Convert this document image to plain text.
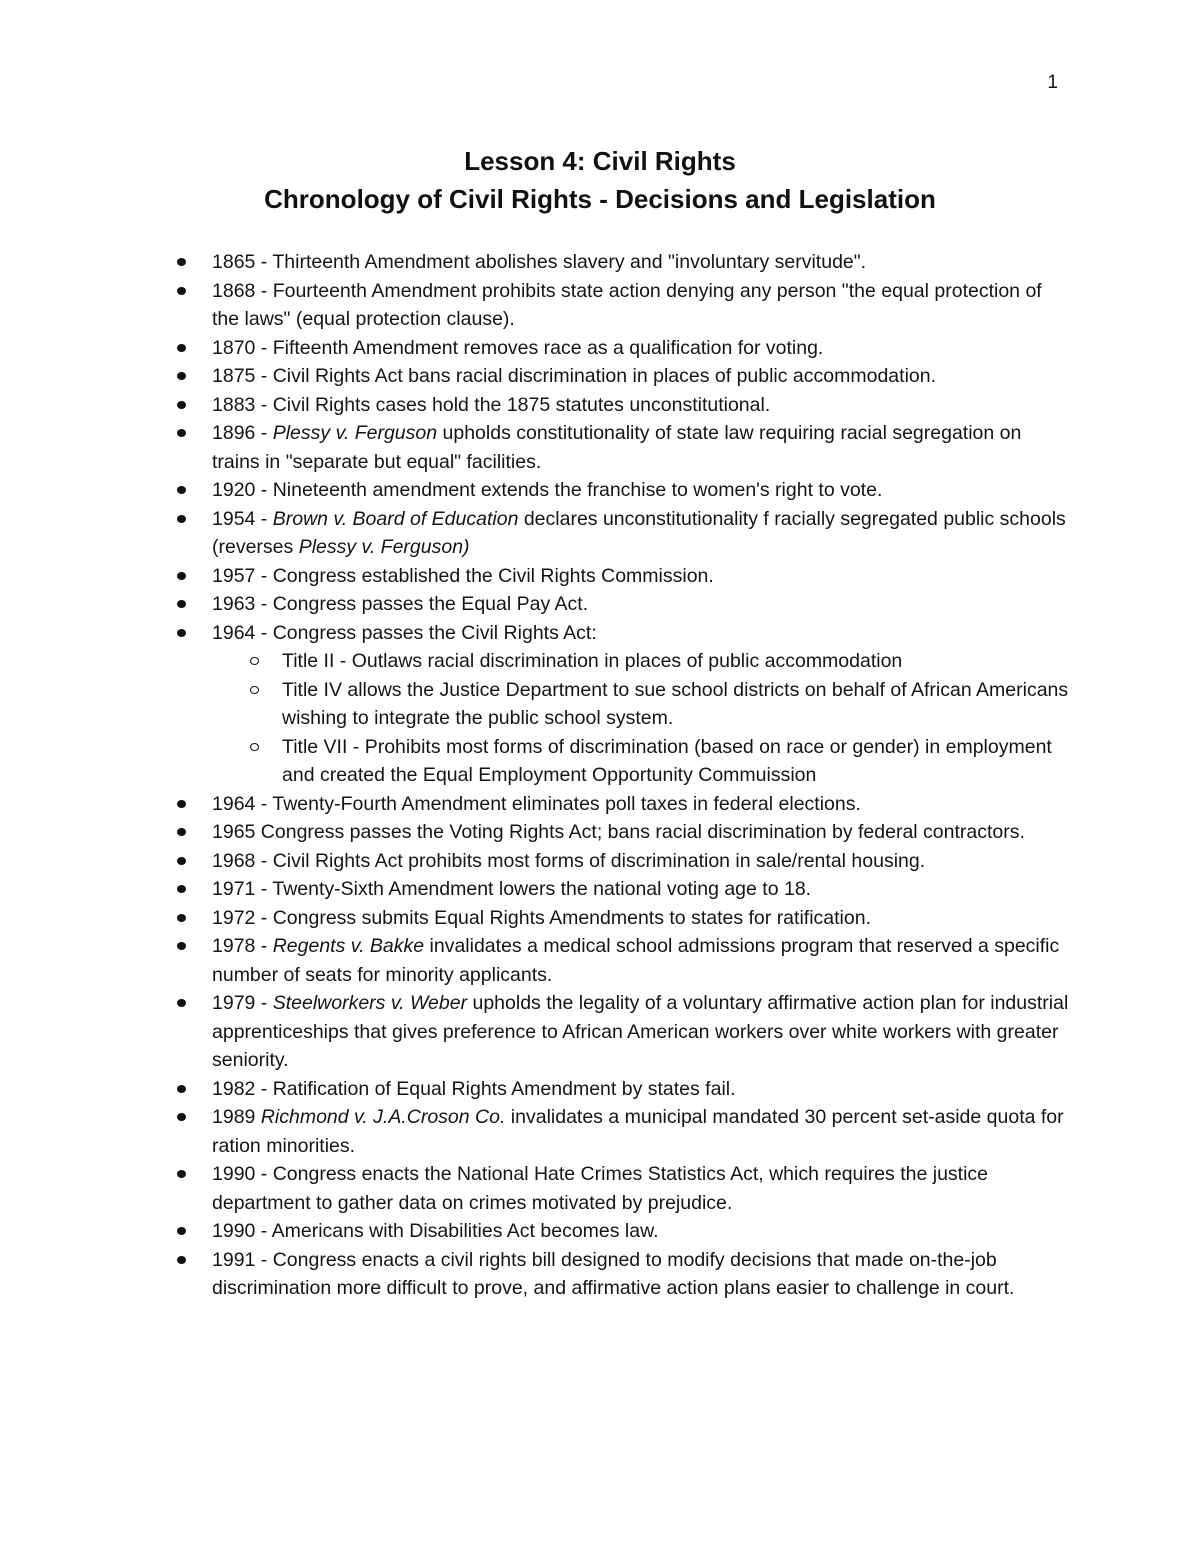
1
Lesson 4: Civil Rights
Chronology of Civil Rights - Decisions and Legislation
1865 - Thirteenth Amendment abolishes slavery and "involuntary servitude".
1868 - Fourteenth Amendment prohibits state action denying any person "the equal protection of the laws" (equal protection clause).
1870 - Fifteenth Amendment removes race as a qualification for voting.
1875 - Civil Rights Act bans racial discrimination in places of public accommodation.
1883 - Civil Rights cases hold the 1875 statutes unconstitutional.
1896 - Plessy v. Ferguson upholds constitutionality of state law requiring racial segregation on trains in "separate but equal" facilities.
1920 - Nineteenth amendment extends the franchise to women's right to vote.
1954 - Brown v. Board of Education declares unconstitutionality f racially segregated public schools (reverses Plessy v. Ferguson)
1957 - Congress established the Civil Rights Commission.
1963 - Congress passes the Equal Pay Act.
1964 - Congress passes the Civil Rights Act:
Title II - Outlaws racial discrimination in places of public accommodation
Title IV allows the Justice Department to sue school districts on behalf of African Americans wishing to integrate the public school system.
Title VII - Prohibits most forms of discrimination (based on race or gender) in employment and created the Equal Employment Opportunity Commuission
1964 - Twenty-Fourth Amendment eliminates poll taxes in federal elections.
1965 Congress passes the Voting Rights Act; bans racial discrimination by federal contractors.
1968 - Civil Rights Act prohibits most forms of discrimination in sale/rental housing.
1971 - Twenty-Sixth Amendment lowers the national voting age to 18.
1972 - Congress submits Equal Rights Amendments to states for ratification.
1978 - Regents v. Bakke invalidates a medical school admissions program that reserved a specific number of seats for minority applicants.
1979 - Steelworkers v. Weber upholds the legality of a voluntary affirmative action plan for industrial apprenticeships that gives preference to African American workers over white workers with greater seniority.
1982 - Ratification of Equal Rights Amendment by states fail.
1989 Richmond v. J.A.Croson Co. invalidates a municipal mandated 30 percent set-aside quota for ration minorities.
1990 - Congress enacts the National Hate Crimes Statistics Act, which requires the justice department to gather data on crimes motivated by prejudice.
1990 - Americans with Disabilities Act becomes law.
1991 - Congress enacts a civil rights bill designed to modify decisions that made on-the-job discrimination more difficult to prove, and affirmative action plans easier to challenge in court.
